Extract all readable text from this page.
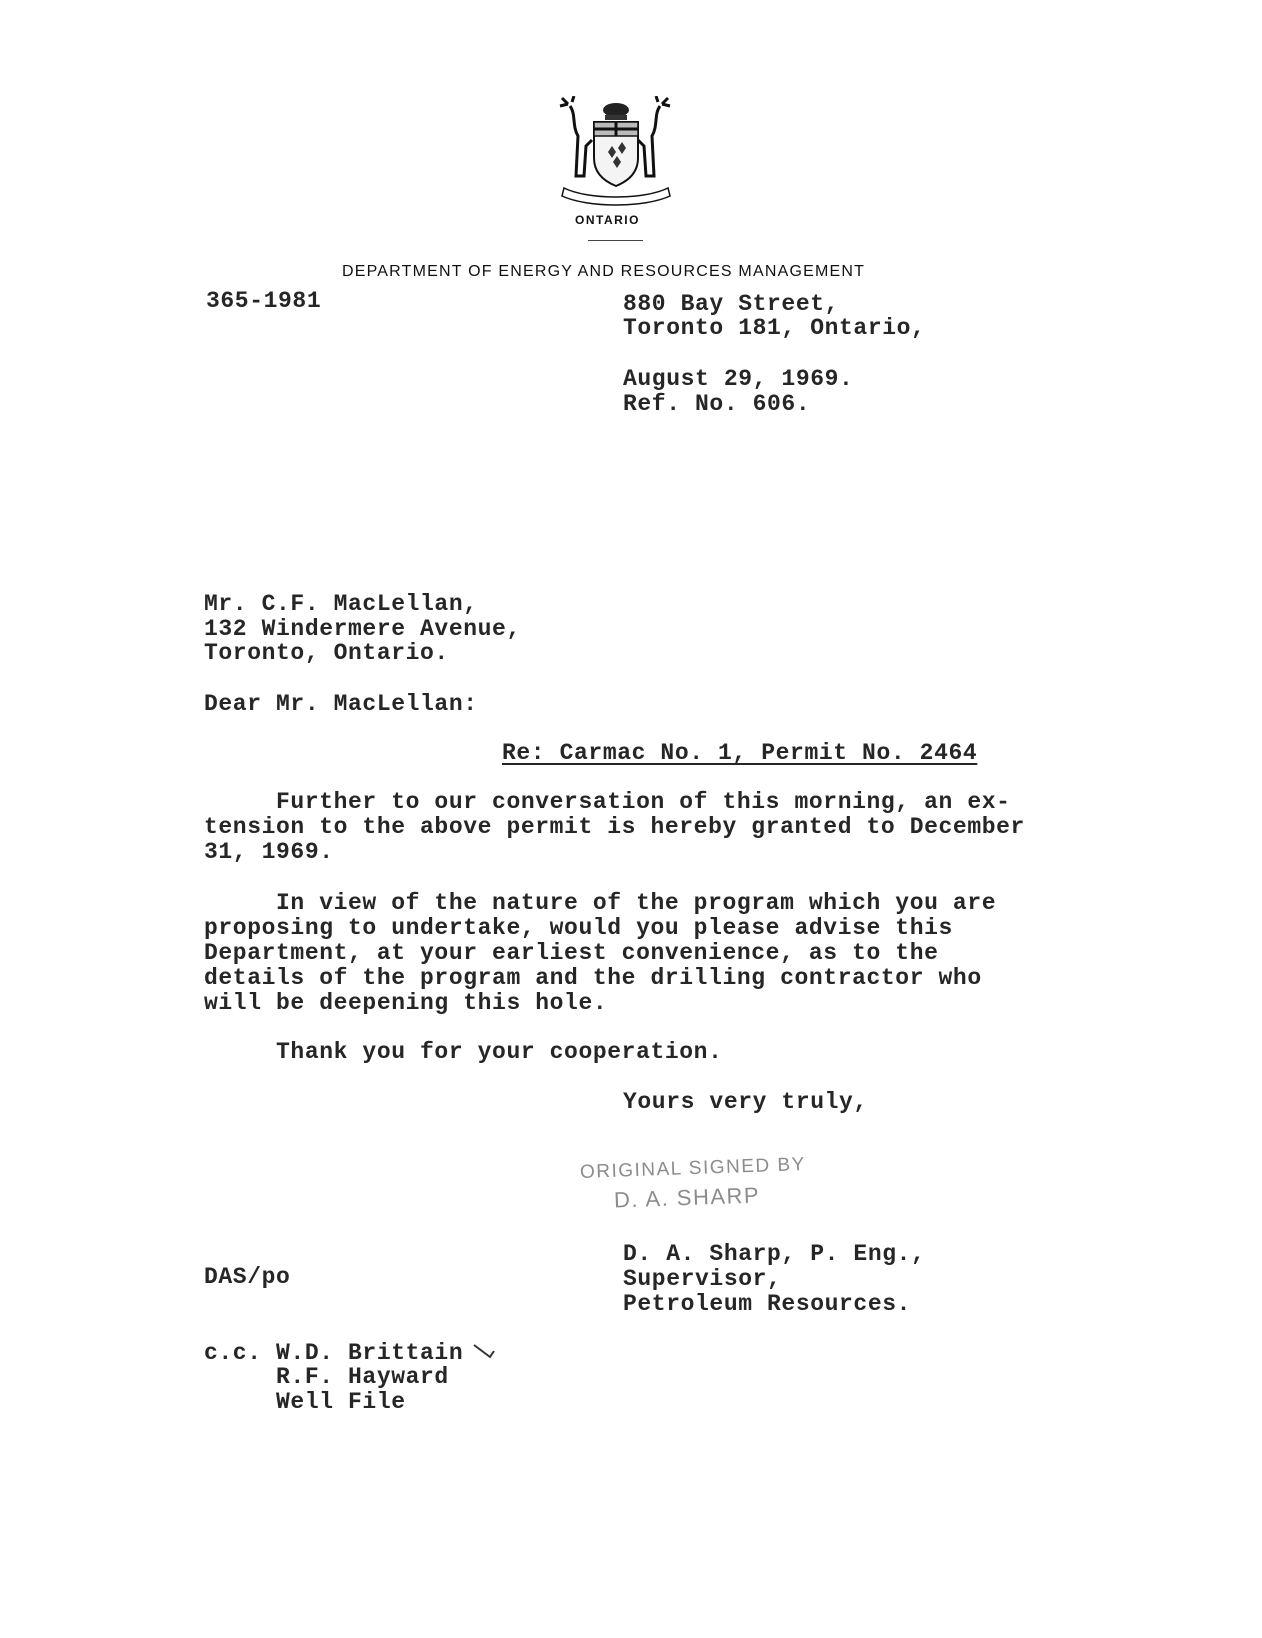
ONTARIO
DEPARTMENT OF ENERGY AND RESOURCES MANAGEMENT
365-1981	880 Bay Street,
Toronto 181, Ontario,
August 29, 1969.
Ref. No. 606.
Mr. C.F. MacLellan,
132 Windermere Avenue,
Toronto, Ontario.
Dear Mr. MacLellan:
Re: Carmac No. 1, Permit No. 2464
Further to our conversation of this morning, an ex-
tension to the above permit is hereby granted to December
31, 1969.
In view of the nature of the program which you are
proposing to undertake, would you please advise this
Department, at your earliest convenience, as to the
details of the program and the drilling contractor who
will be deepening this hole.
Thank you for your cooperation.
Yours very truly,
ORIGINAL SIGNED BY
D. A. SHARP
D. A. Sharp, P. Eng.,
Supervisor,
Petroleum Resources.
DAS/po
c.c. W.D. Brittain
R.F. Hayward
Well File
